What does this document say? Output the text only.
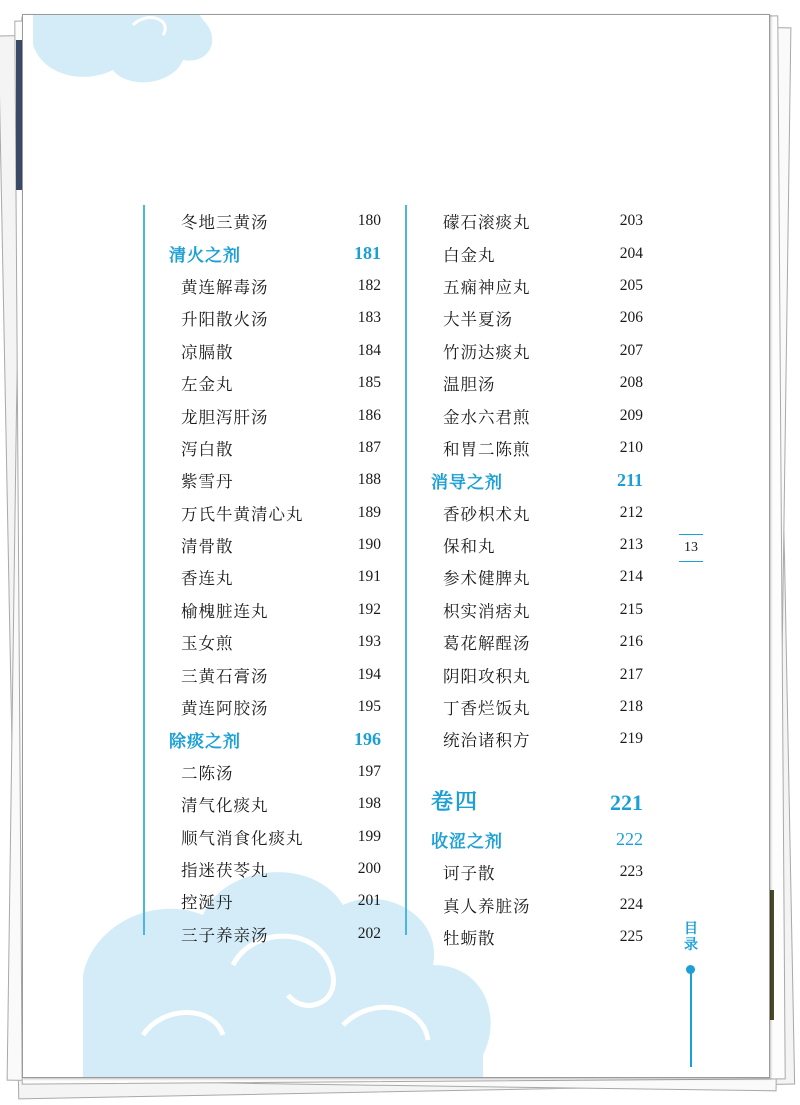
冬地三黄汤	180
清火之剂	181
黄连解毒汤	182
升阳散火汤	183
凉膈散	184
左金丸	185
龙胆泻肝汤	186
泻白散	187
紫雪丹	188
万氏牛黄清心丸	189
清骨散	190
香连丸	191
榆槐脏连丸	192
玉女煎	193
三黄石膏汤	194
黄连阿胶汤	195
除痰之剂	196
二陈汤	197
清气化痰丸	198
顺气消食化痰丸	199
指迷茯苓丸	200
控涎丹	201
三子养亲汤	202
礞石滚痰丸	203
白金丸	204
五痫神应丸	205
大半夏汤	206
竹沥达痰丸	207
温胆汤	208
金水六君煎	209
和胃二陈煎	210
消导之剂	211
香砂枳术丸	212
保和丸	213
参术健脾丸	214
枳实消痞丸	215
葛花解酲汤	216
阴阳攻积丸	217
丁香烂饭丸	218
统治诸积方	219
卷四	221
收涩之剂	222
诃子散	223
真人养脏汤	224
牡蛎散	225
13
目录
